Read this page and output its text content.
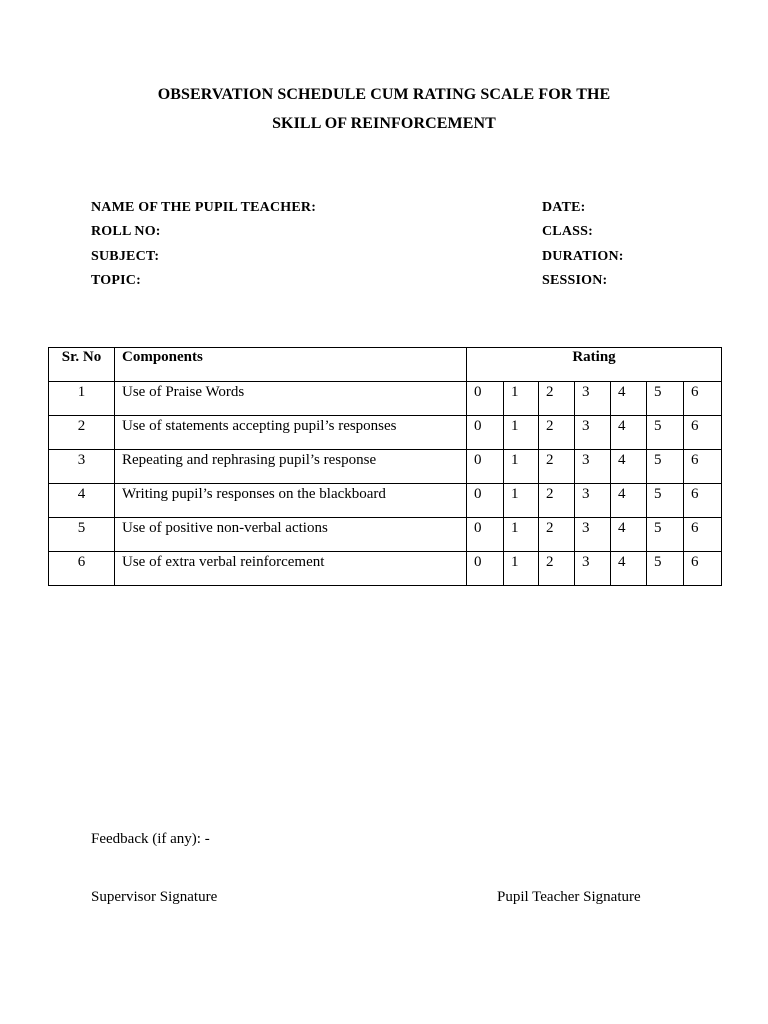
OBSERVATION SCHEDULE CUM RATING SCALE FOR THE
SKILL OF REINFORCEMENT
NAME OF THE PUPIL TEACHER:
ROLL NO:
SUBJECT:
TOPIC:
DATE:
CLASS:
DURATION:
SESSION:
Sr. No	Components	Rating						

1	Use of Praise Words	0	1	2	3	4	5	6

2	Use of statements accepting pupil’s responses	0	1	2	3	4	5	6

3	Repeating and rephrasing pupil’s response	0	1	2	3	4	5	6

4	Writing pupil’s responses on the blackboard	0	1	2	3	4	5	6

5	Use of positive non-verbal actions	0	1	2	3	4	5	6

6	Use of extra verbal reinforcement	0	1	2	3	4	5	6
Feedback (if any): -
Supervisor Signature	Pupil Teacher Signature
